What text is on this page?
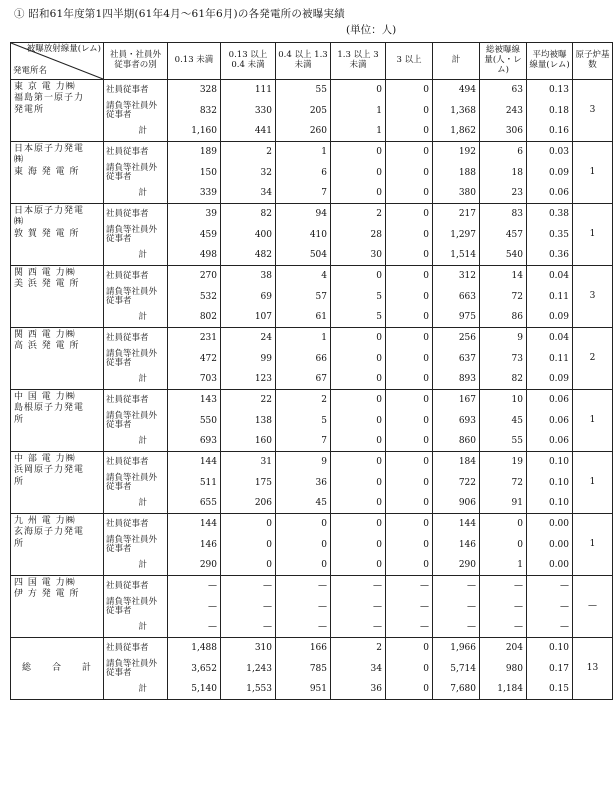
① 昭和61年度第1四半期(61年4月～61年6月)の各発電所の被曝実績
(単位：人)
被曝放射線量(レム)
発電所名	社員・社員外従事者の別	0.13 未満	0.13 以上 0.4 未満	0.4 以上 1.3 未満	1.3 以上 3 未満	3 以上	計	総被曝線量(人・レム)	平均被曝線量(レム)	原子炉基数

東 京 電 力㈱
福島第一原子力
発電所	社員従事者	328	111	55	0	0	494	63	0.13	3
	請負等社員外従事者	832	330	205	1	0	1,368	243	0.18	
	計	1,160	441	260	1	0	1,862	306	0.16	

日本原子力発電
㈱
東 海 発 電 所	社員従事者	189	2	1	0	0	192	6	0.03	1
	請負等社員外従事者	150	32	6	0	0	188	18	0.09	
	計	339	34	7	0	0	380	23	0.06	

日本原子力発電
㈱
敦 賀 発 電 所	社員従事者	39	82	94	2	0	217	83	0.38	1
	請負等社員外従事者	459	400	410	28	0	1,297	457	0.35	
	計	498	482	504	30	0	1,514	540	0.36	

関 西 電 力㈱
美 浜 発 電 所	社員従事者	270	38	4	0	0	312	14	0.04	3
	請負等社員外従事者	532	69	57	5	0	663	72	0.11	
	計	802	107	61	5	0	975	86	0.09	

関 西 電 力㈱
高 浜 発 電 所	社員従事者	231	24	1	0	0	256	9	0.04	2
	請負等社員外従事者	472	99	66	0	0	637	73	0.11	
	計	703	123	67	0	0	893	82	0.09	

中 国 電 力㈱
島根原子力発電
所	社員従事者	143	22	2	0	0	167	10	0.06	1
	請負等社員外従事者	550	138	5	0	0	693	45	0.06	
	計	693	160	7	0	0	860	55	0.06	

中 部 電 力㈱
浜岡原子力発電
所	社員従事者	144	31	9	0	0	184	19	0.10	1
	請負等社員外従事者	511	175	36	0	0	722	72	0.10	
	計	655	206	45	0	0	906	91	0.10	

九 州 電 力㈱
玄海原子力発電
所	社員従事者	144	0	0	0	0	144	0	0.00	1
	請負等社員外従事者	146	0	0	0	0	146	0	0.00	
	計	290	0	0	0	0	290	1	0.00	

四 国 電 力㈱
伊 方 発 電 所	社員従事者	—	—	—	—	—	—	—	—	—
	請負等社員外従事者	—	—	—	—	—	—	—	—	
	計	—	—	—	—	—	—	—	—	

総　　合　　計	社員従事者	1,488	310	166	2	0	1,966	204	0.10	13
	請負等社員外従事者	3,652	1,243	785	34	0	5,714	980	0.17	
	計	5,140	1,553	951	36	0	7,680	1,184	0.15	
